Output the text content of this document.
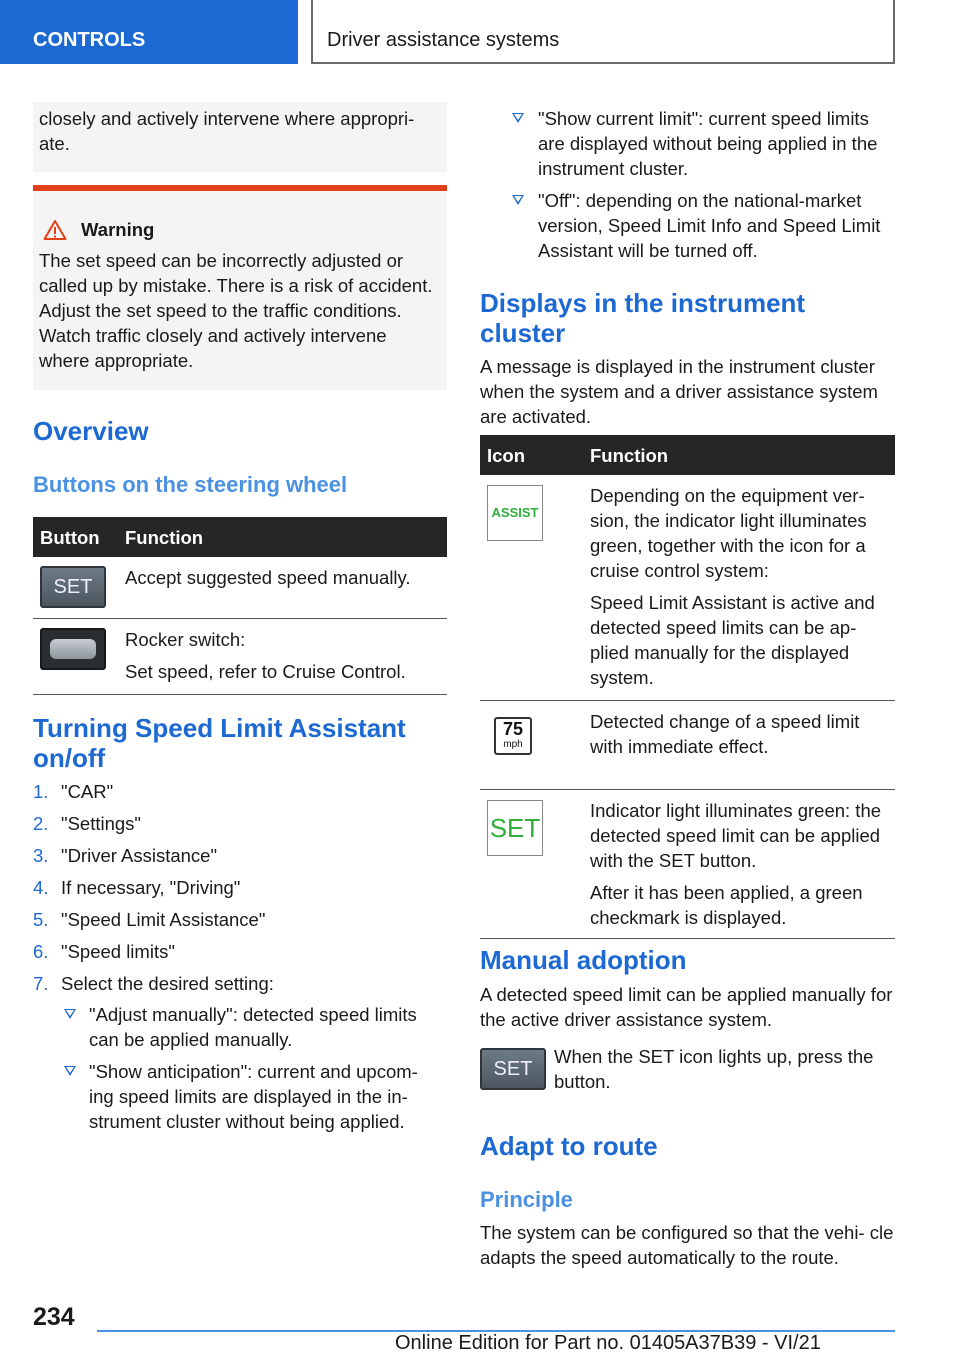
CONTROLS	Driver assistance systems
closely and actively intervene where appropri- ate.
Warning
The set speed can be incorrectly adjusted or called up by mistake. There is a risk of accident. Adjust the set speed to the traffic conditions. Watch traffic closely and actively intervene where appropriate.
Overview
Buttons on the steering wheel
Button	Function
SET	Accept suggested speed manually.

	Rocker switch:

Set speed, refer to Cruise Control.

Turning Speed Limit Assistant on/off
1. "CAR"
2. "Settings"
3. "Driver Assistance"
4. If necessary, "Driving"
5. "Speed Limit Assistance"
6. "Speed limits"
7. Select the desired setting:
"Adjust manually": detected speed limits can be applied manually.
"Show anticipation": current and upcom- ing speed limits are displayed in the in- strument cluster without being applied.
"Show current limit": current speed limits are displayed without being applied in the instrument cluster.
"Off": depending on the national-market version, Speed Limit Info and Speed Limit Assistant will be turned off.
Displays in the instrument cluster

A message is displayed in the instrument cluster when the system and a driver assistance system are activated.

Icon	Function
ASSIST	Depending on the equipment ver- sion, the indicator light illuminates green, together with the icon for a cruise control system:

Speed Limit Assistant is active and detected speed limits can be ap- plied manually for the displayed system.

75
mph	Detected change of a speed limit with immediate effect.

SET	Indicator light illuminates green: the detected speed limit can be applied with the SET button.

After it has been applied, a green checkmark is displayed.

Manual adoption

A detected speed limit can be applied manually for the active driver assistance system.

SET

When the SET icon lights up, press the button.

Adapt to route
Principle

The system can be configured so that the vehi- cle adapts the speed automatically to the route.

234
Online Edition for Part no. 01405A37B39 - VI/21
